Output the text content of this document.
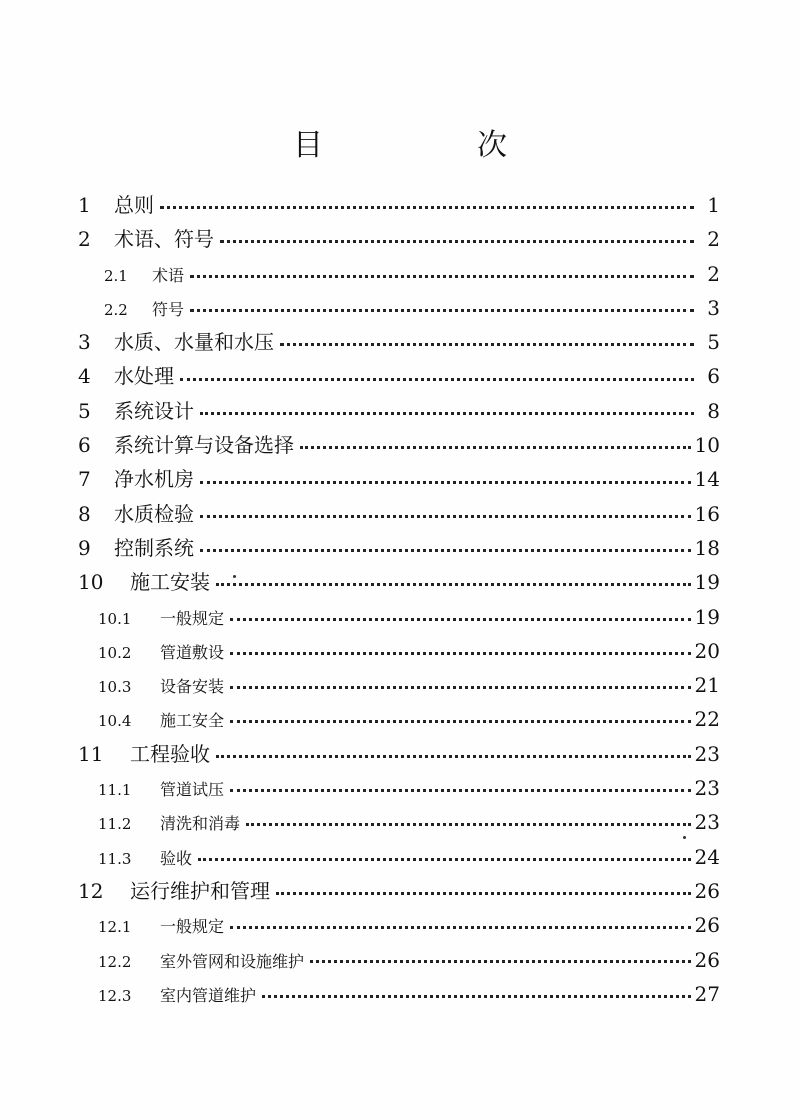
目　次
1	总则	1
2	术语、符号	2
2.1	术语	2
2.2	符号	3
3	水质、水量和水压	5
4	水处理	6
5	系统设计	8
6	系统计算与设备选择	10
7	净水机房	14
8	水质检验	16
9	控制系统	18
10	施工安装	19
10.1	一般规定	19
10.2	管道敷设	20
10.3	设备安装	21
10.4	施工安全	22
11	工程验收	23
11.1	管道试压	23
11.2	清洗和消毒	23
11.3	验收	24
12	运行维护和管理	26
12.1	一般规定	26
12.2	室外管网和设施维护	26
12.3	室内管道维护	27
